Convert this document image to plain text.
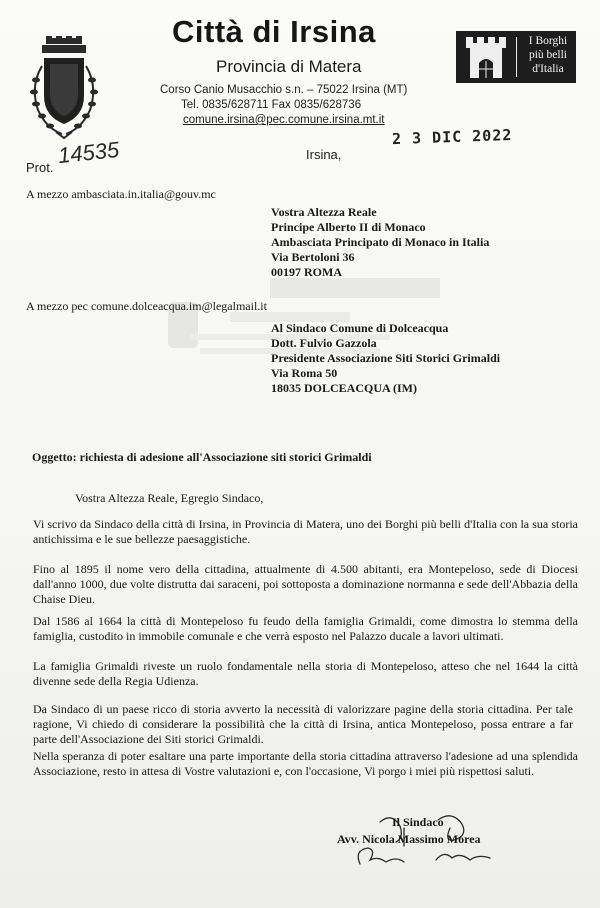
Città di Irsina
Provincia di Matera
Corso Canio Musacchio s.n. – 75022 Irsina (MT)
Tel. 0835/628711 Fax 0835/628736
comune.irsina@pec.comune.irsina.mt.it
I Borghi
più belli
d'Italia
Prot. 14535	Irsina,
2 3 DIC 2022
A mezzo ambasciata.in.italia@gouv.mc
Vostra Altezza Reale
Principe Alberto II di Monaco
Ambasciata Principato di Monaco in Italia
Via Bertoloni 36
00197 ROMA
A mezzo pec comune.dolceacqua.im@legalmail.it
Al Sindaco Comune di Dolceacqua
Dott. Fulvio Gazzola
Presidente Associazione Siti Storici Grimaldi
Via Roma 50
18035 DOLCEACQUA (IM)
Oggetto: richiesta di adesione all'Associazione siti storici Grimaldi
Vostra Altezza Reale, Egregio Sindaco,
Vi scrivo da Sindaco della città di Irsina, in Provincia di Matera, uno dei Borghi più belli d'Italia con la sua storia antichissima e le sue bellezze paesaggistiche.
Fino al 1895 il nome vero della cittadina, attualmente di 4.500 abitanti, era Montepeloso, sede di Diocesi dall'anno 1000, due volte distrutta dai saraceni, poi sottoposta a dominazione normanna e sede dell'Abbazia della Chaise Dieu.
Dal 1586 al 1664 la città di Montepeloso fu feudo della famiglia Grimaldi, come dimostra lo stemma della famiglia, custodito in immobile comunale e che verrà esposto nel Palazzo ducale a lavori ultimati.
La famiglia Grimaldi riveste un ruolo fondamentale nella storia di Montepeloso, atteso che nel 1644 la città divenne sede della Regia Udienza.
Da Sindaco di un paese ricco di storia avverto la necessità di valorizzare pagine della storia cittadina. Per tale ragione, Vi chiedo di considerare la possibilità che la città di Irsina, antica Montepeloso, possa entrare a far parte dell'Associazione dei Siti storici Grimaldi.
Nella speranza di poter esaltare una parte importante della storia cittadina attraverso l'adesione ad una splendida Associazione, resto in attesa di Vostre valutazioni e, con l'occasione, Vi porgo i miei più rispettosi saluti.
Il Sindaco
Avv. Nicola Massimo Morea
